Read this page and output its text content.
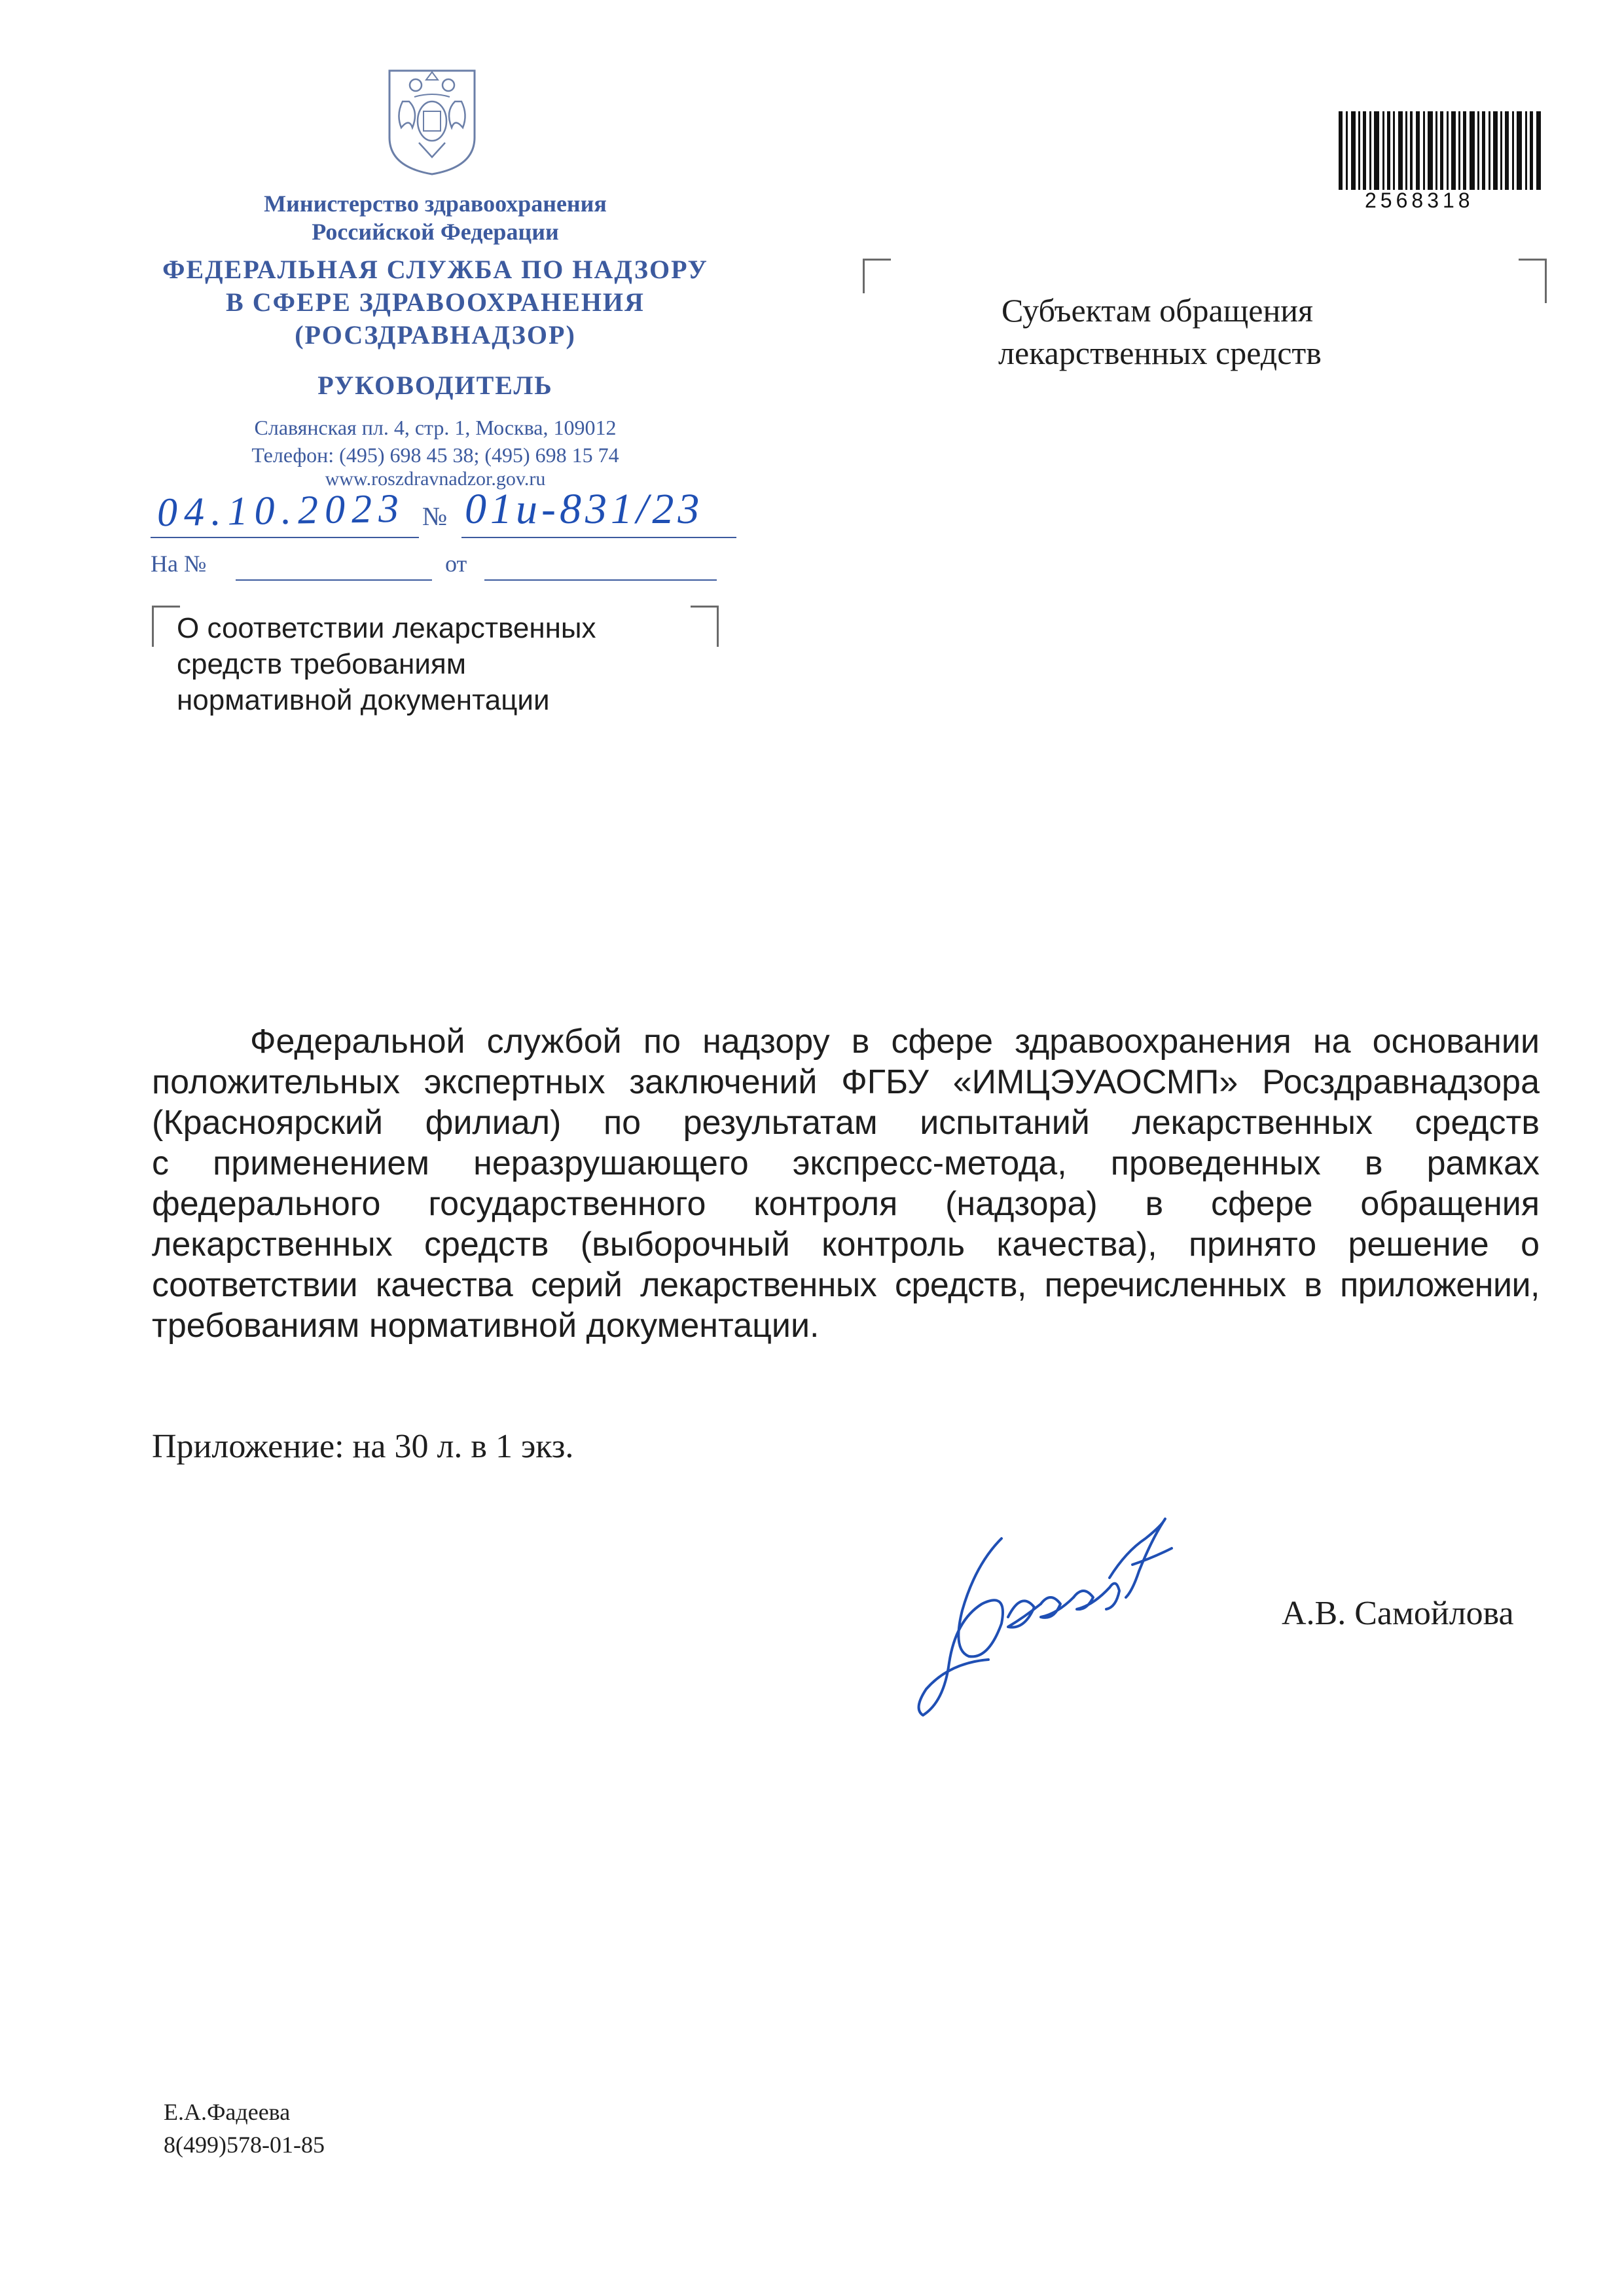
Министерство здравоохранения
Российской Федерации
ФЕДЕРАЛЬНАЯ СЛУЖБА ПО НАДЗОРУ
В СФЕРЕ ЗДРАВООХРАНЕНИЯ
(РОСЗДРАВНАДЗОР)
РУКОВОДИТЕЛЬ
Славянская пл. 4, стр. 1, Москва, 109012
Телефон: (495) 698 45 38; (495) 698 15 74
www.roszdravnadzor.gov.ru
04.10.2023 № 01и-831/23
На №	от
2568318
Субъектам обращения
лекарственных средств
О соответствии лекарственных
средств требованиям
нормативной документации
Федеральной службой по надзору в сфере здравоохранения на основании
положительных экспертных заключений ФГБУ «ИМЦЭУАОСМП» Росздравнадзора
(Красноярский филиал) по результатам испытаний лекарственных средств
с применением неразрушающего экспресс-метода, проведенных в рамках
федерального государственного контроля (надзора) в сфере обращения
лекарственных средств (выборочный контроль качества), принято решение о
соответствии качества серий лекарственных средств, перечисленных в приложении,
требованиям нормативной документации.
Приложение: на 30 л. в 1 экз.
А.В. Самойлова
Е.А.Фадеева
8(499)578-01-85
